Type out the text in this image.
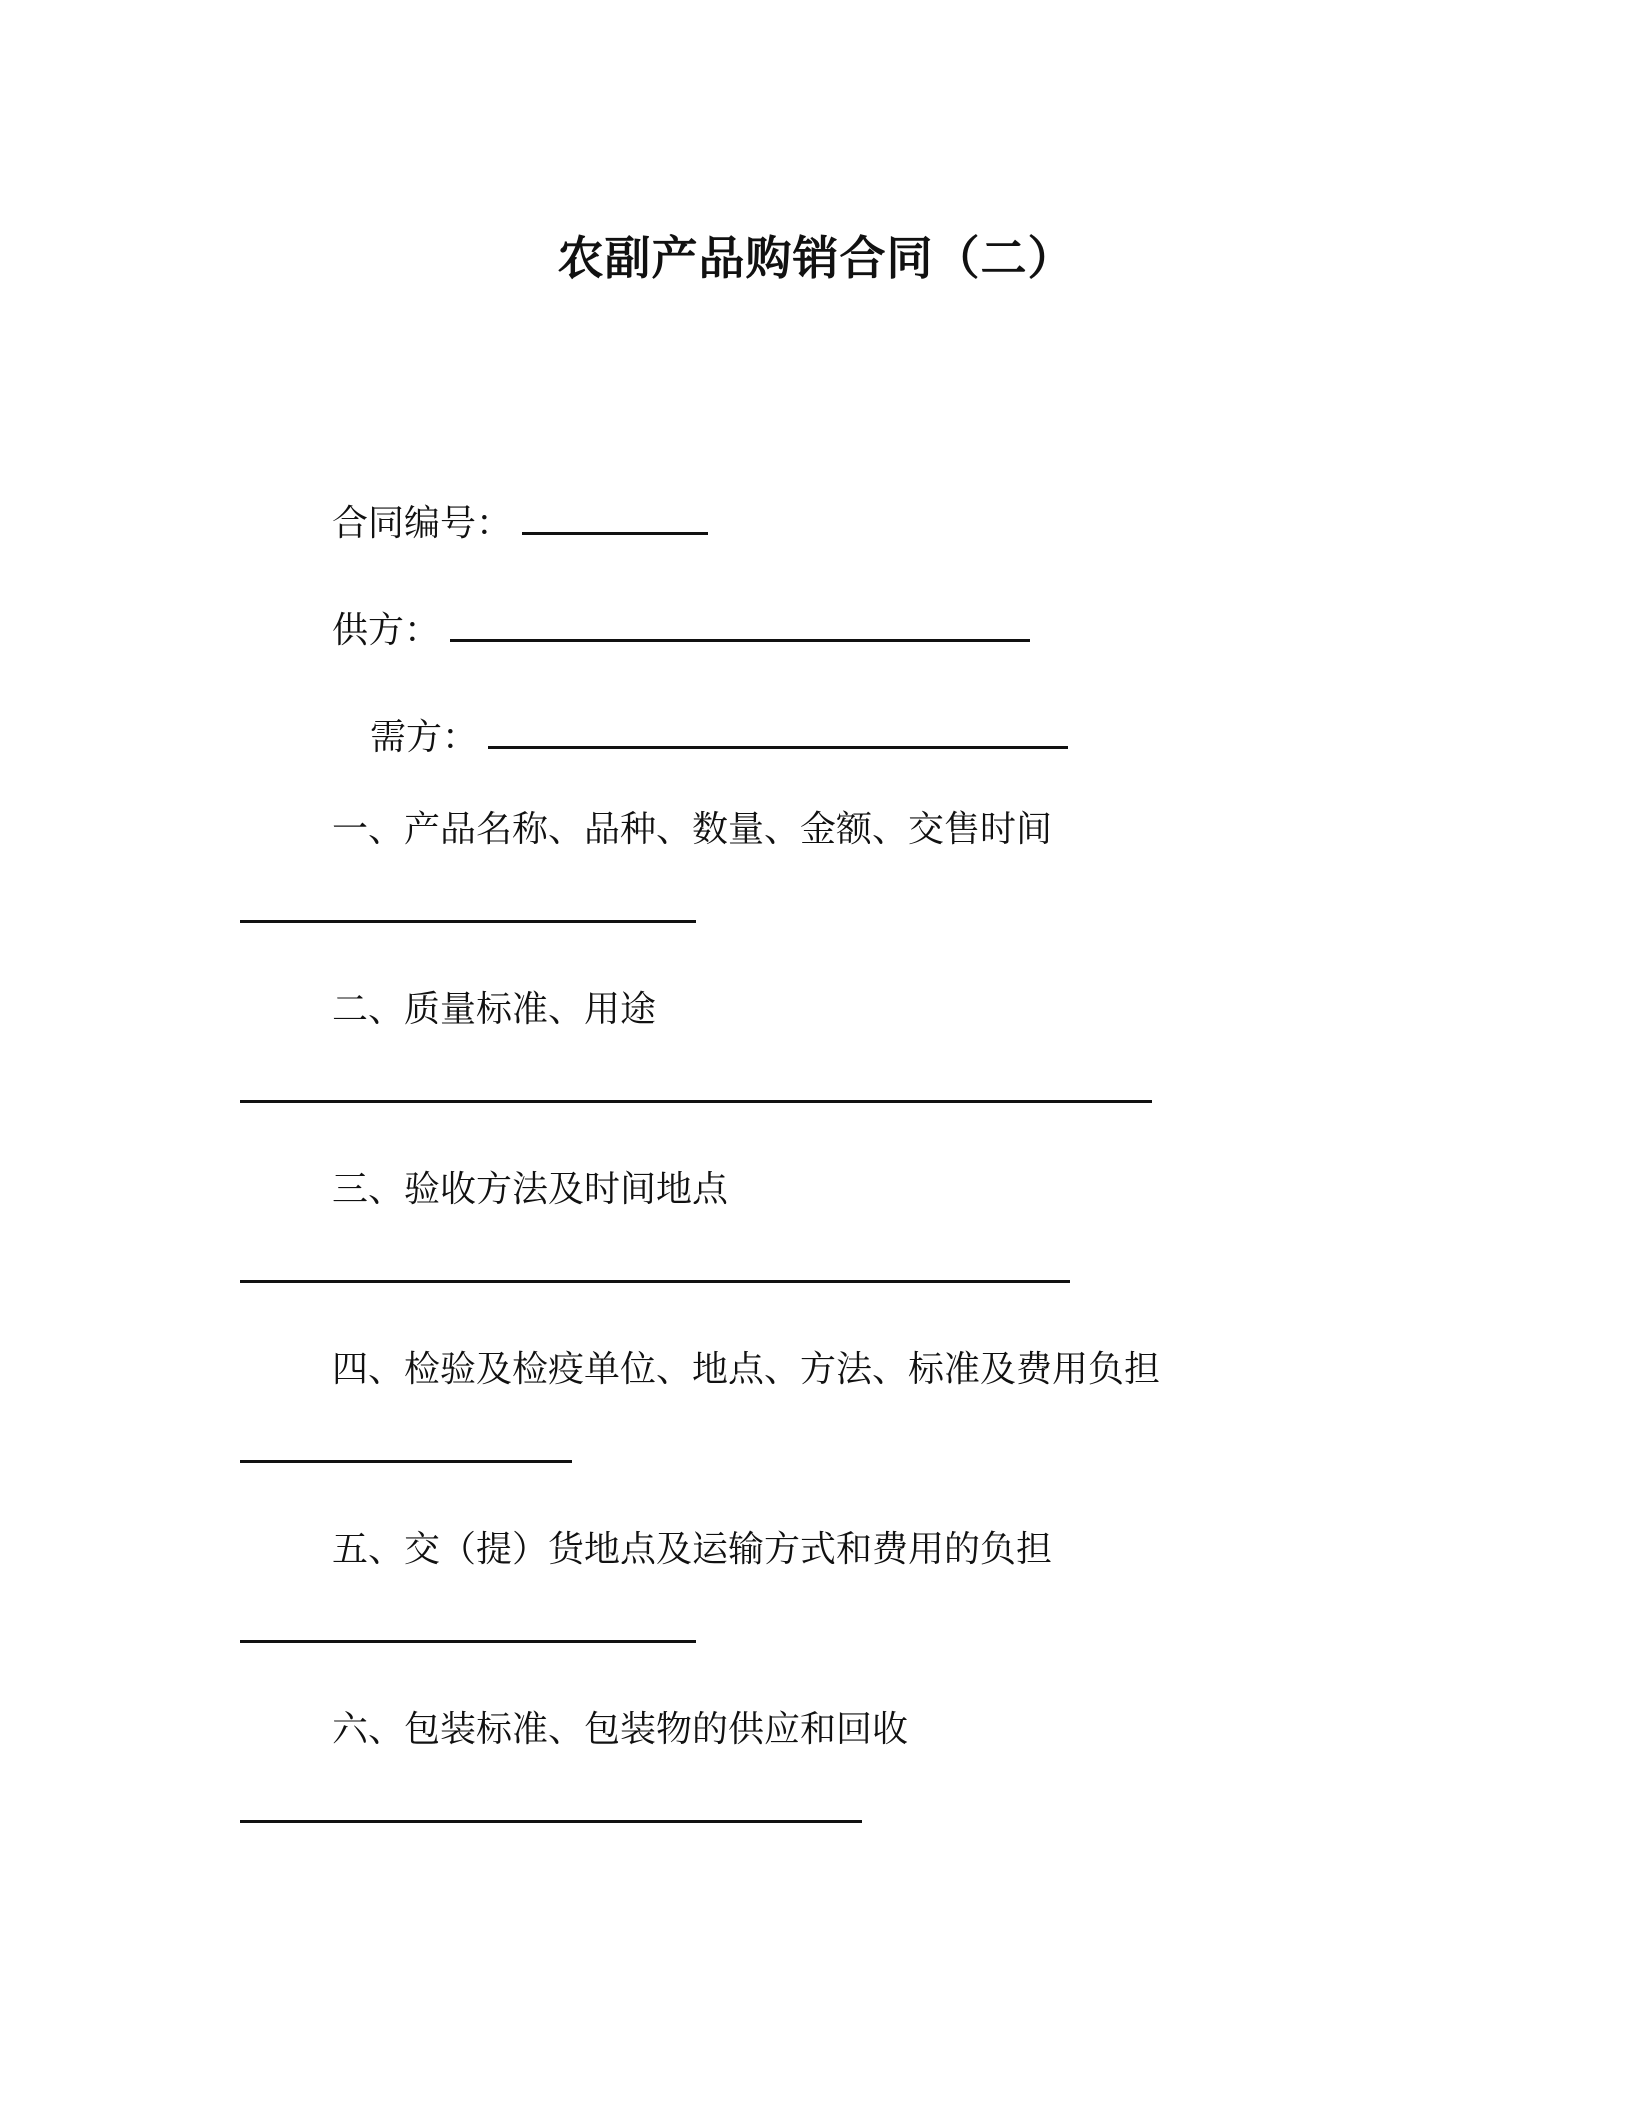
农副产品购销合同（二）
合同编号：
供方：
需方：
一、产品名称、品种、数量、金额、交售时间
二、质量标准、用途
三、验收方法及时间地点
四、检验及检疫单位、地点、方法、标准及费用负担
五、交（提）货地点及运输方式和费用的负担
六、包装标准、包装物的供应和回收
